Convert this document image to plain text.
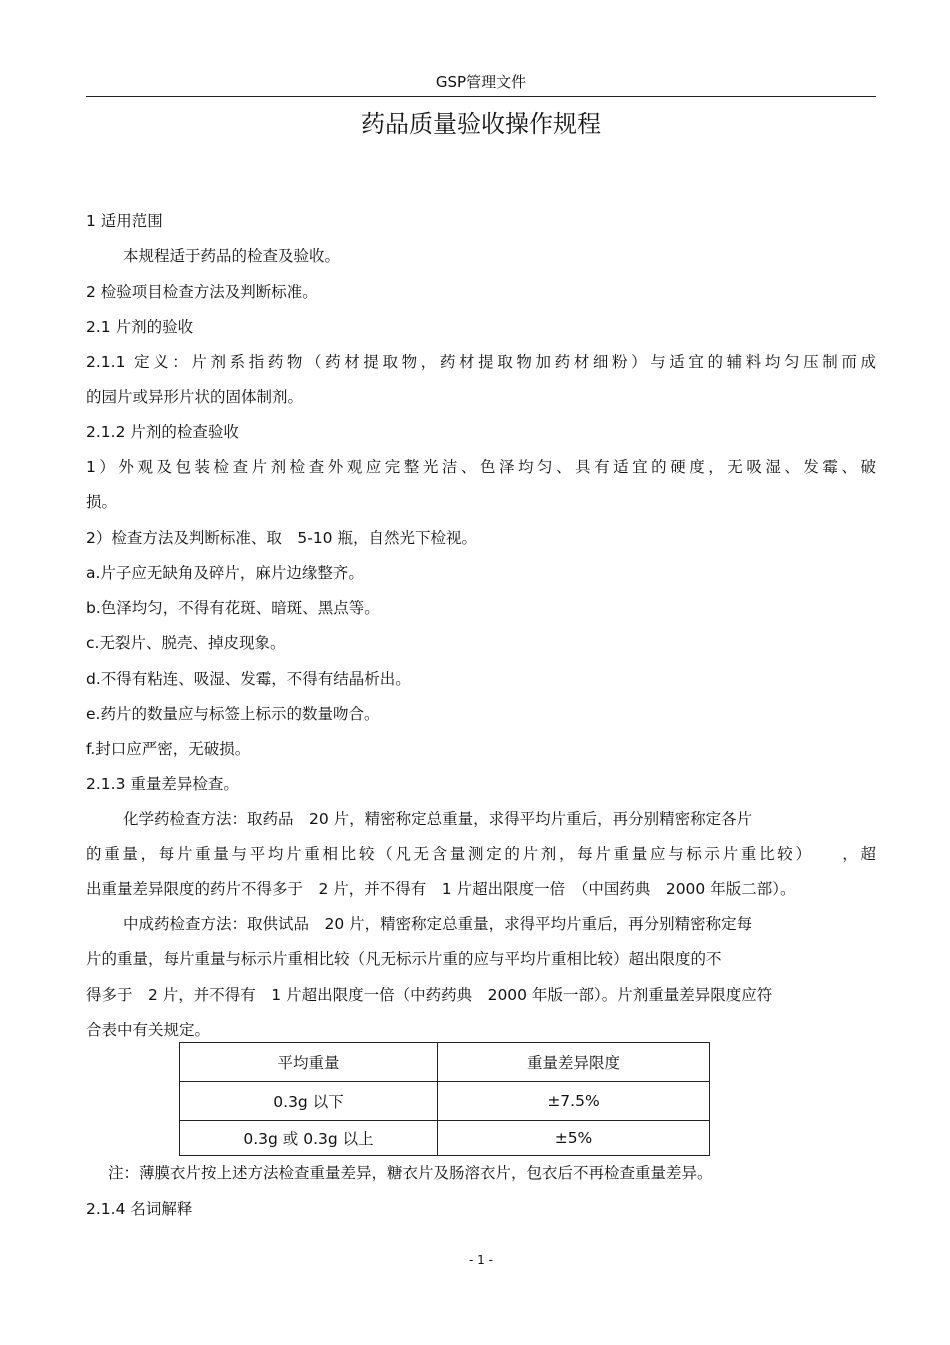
GSP管理文件
药品质量验收操作规程
1 适用范围
本规程适于药品的检查及验收。
2 检验项目检查方法及判断标准。
2.1 片剂的验收
2.1.1 定义：片剂系指药物（药材提取物，药材提取物加药材细粉）与适宜的辅料均匀压制而成
的园片或异形片状的固体制剂。
2.1.2 片剂的检查验收
1）外观及包装检查片剂检查外观应完整光洁、色泽均匀、具有适宜的硬度，无吸湿、发霉、破
损。
2）检查方法及判断标准、取　5-10 瓶，自然光下检视。
a.片子应无缺角及碎片，麻片边缘整齐。
b.色泽均匀，不得有花斑、暗斑、黑点等。
c.无裂片、脱壳、掉皮现象。
d.不得有粘连、吸湿、发霉，不得有结晶析出。
e.药片的数量应与标签上标示的数量吻合。
f.封口应严密，无破损。
2.1.3 重量差异检查。
化学药检查方法：取药品　20 片，精密称定总重量，求得平均片重后，再分别精密称定各片
的重量，每片重量与平均片重相比较（凡无含量测定的片剂，每片重量应与标示片重比较）　　，超
出重量差异限度的药片不得多于　2 片，并不得有　1 片超出限度一倍　（中国药典　2000 年版二部）。
中成药检查方法：取供试品　20 片，精密称定总重量，求得平均片重后，再分别精密称定每
片的重量，每片重量与标示片重相比较（凡无标示片重的应与平均片重相比较）超出限度的不
得多于　2 片，并不得有　1 片超出限度一倍（中药药典　2000 年版一部）。片剂重量差异限度应符
合表中有关规定。
平均重量	重量差异限度
0.3g 以下	±7.5%
0.3g 或 0.3g 以上	±5%
注：薄膜衣片按上述方法检查重量差异，糖衣片及肠溶衣片，包衣后不再检查重量差异。
2.1.4 名词解释
- 1 -
